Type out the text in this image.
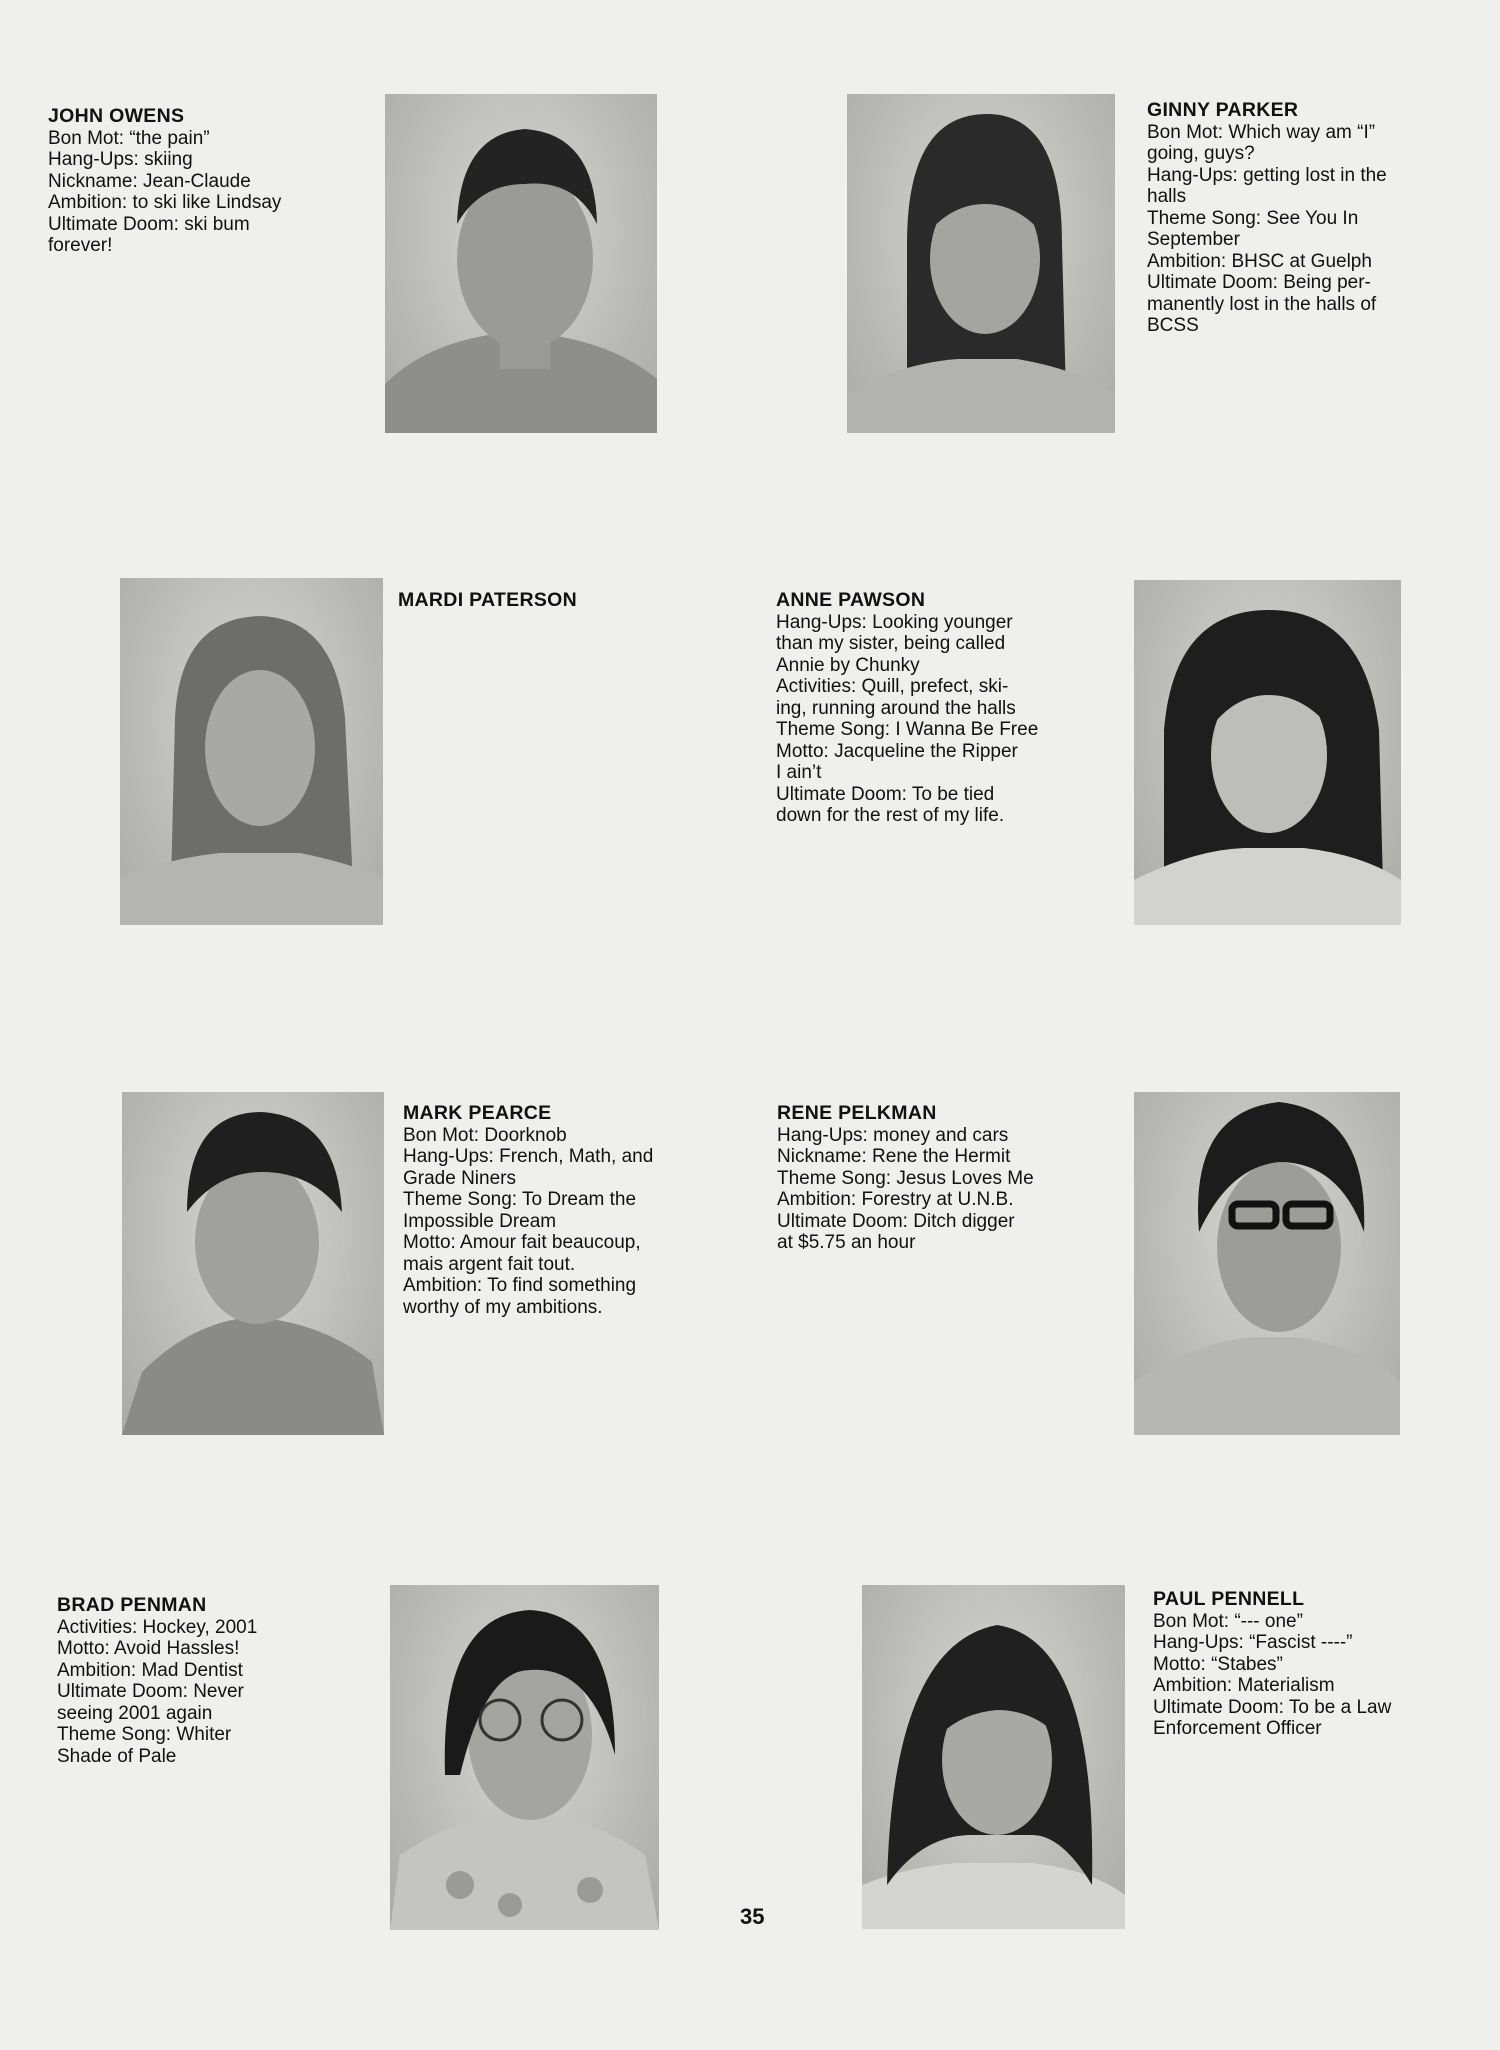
JOHN OWENS
Bon Mot: “the pain”
Hang-Ups: skiing
Nickname: Jean-Claude
Ambition: to ski like Lindsay
Ultimate Doom: ski bum
forever!
GINNY PARKER
Bon Mot: Which way am “I”
going, guys?
Hang-Ups: getting lost in the
halls
Theme Song: See You In
September
Ambition: BHSC at Guelph
Ultimate Doom: Being per-
manently lost in the halls of
BCSS
MARDI PATERSON	ANNE PAWSON
Hang-Ups: Looking younger
than my sister, being called
Annie by Chunky
Activities: Quill, prefect, ski-
ing, running around the halls
Theme Song: I Wanna Be Free
Motto: Jacqueline the Ripper
I ain’t
Ultimate Doom: To be tied
down for the rest of my life.
MARK PEARCE
Bon Mot: Doorknob
Hang-Ups: French, Math, and
Grade Niners
Theme Song: To Dream the
Impossible Dream
Motto: Amour fait beaucoup,
mais argent fait tout.
Ambition: To find something
worthy of my ambitions.
RENE PELKMAN
Hang-Ups: money and cars
Nickname: Rene the Hermit
Theme Song: Jesus Loves Me
Ambition: Forestry at U.N.B.
Ultimate Doom: Ditch digger
at $5.75 an hour
BRAD PENMAN
Activities: Hockey, 2001
Motto: Avoid Hassles!
Ambition: Mad Dentist
Ultimate Doom: Never
seeing 2001 again
Theme Song: Whiter
Shade of Pale
PAUL PENNELL
Bon Mot: “--- one”
Hang-Ups: “Fascist ----”
Motto: “Stabes”
Ambition: Materialism
Ultimate Doom: To be a Law
Enforcement Officer
35
